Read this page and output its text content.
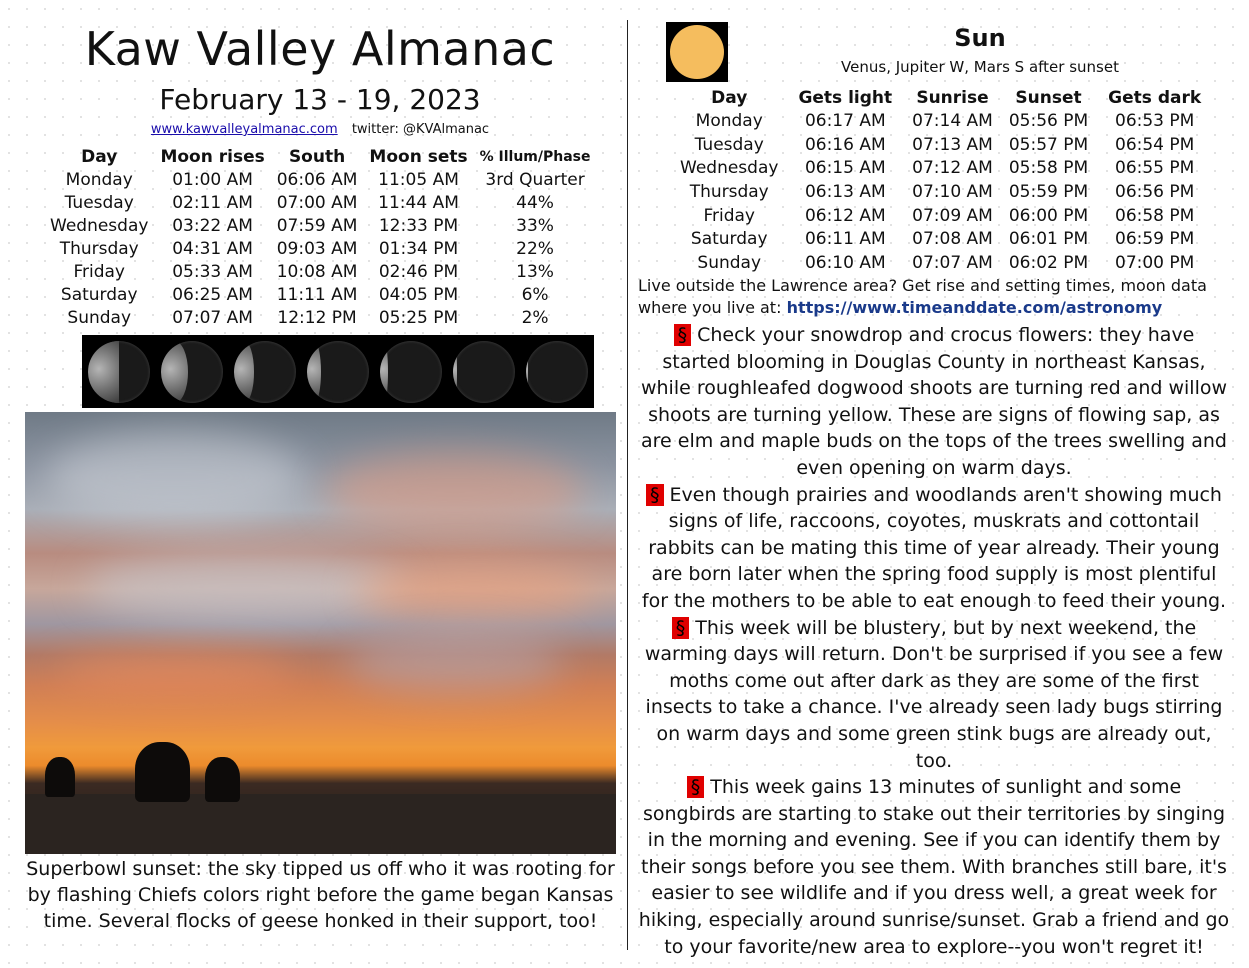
Kaw Valley Almanac
February 13 - 19, 2023
www.kawvalleyalmanac.com twitter: @KVAlmanac
Day	Moon rises	South	Moon sets	% Illum/Phase
Monday	01:00 AM	06:06 AM	11:05 AM	3rd Quarter
Tuesday	02:11 AM	07:00 AM	11:44 AM	44%
Wednesday	03:22 AM	07:59 AM	12:33 PM	33%
Thursday	04:31 AM	09:03 AM	01:34 PM	22%
Friday	05:33 AM	10:08 AM	02:46 PM	13%
Saturday	06:25 AM	11:11 AM	04:05 PM	6%
Sunday	07:07 AM	12:12 PM	05:25 PM	2%
Superbowl sunset: the sky tipped us off who it was rooting for by flashing Chiefs colors right before the game began Kansas time. Several flocks of geese honked in their support, too!
Sun
Venus, Jupiter W, Mars S after sunset
Day	Gets light	Sunrise	Sunset	Gets dark
Monday	06:17 AM	07:14 AM	05:56 PM	06:53 PM
Tuesday	06:16 AM	07:13 AM	05:57 PM	06:54 PM
Wednesday	06:15 AM	07:12 AM	05:58 PM	06:55 PM
Thursday	06:13 AM	07:10 AM	05:59 PM	06:56 PM
Friday	06:12 AM	07:09 AM	06:00 PM	06:58 PM
Saturday	06:11 AM	07:08 AM	06:01 PM	06:59 PM
Sunday	06:10 AM	07:07 AM	06:02 PM	07:00 PM
Live outside the Lawrence area? Get rise and setting times, moon data where you live at: https://www.timeanddate.com/astronomy

§ Check your snowdrop and crocus flowers: they have started blooming in Douglas County in northeast Kansas, while roughleafed dogwood shoots are turning red and willow shoots are turning yellow. These are signs of flowing sap, as are elm and maple buds on the tops of the trees swelling and even opening on warm days.

§ Even though prairies and woodlands aren't showing much signs of life, raccoons, coyotes, muskrats and cottontail rabbits can be mating this time of year already. Their young are born later when the spring food supply is most plentiful for the mothers to be able to eat enough to feed their young.

§ This week will be blustery, but by next weekend, the warming days will return. Don't be surprised if you see a few moths come out after dark as they are some of the first insects to take a chance. I've already seen lady bugs stirring on warm days and some green stink bugs are already out, too.

§ This week gains 13 minutes of sunlight and some songbirds are starting to stake out their territories by singing in the morning and evening. See if you can identify them by their songs before you see them. With branches still bare, it's easier to see wildlife and if you dress well, a great week for hiking, especially around sunrise/sunset. Grab a friend and go to your favorite/new area to explore--you won't regret it!
